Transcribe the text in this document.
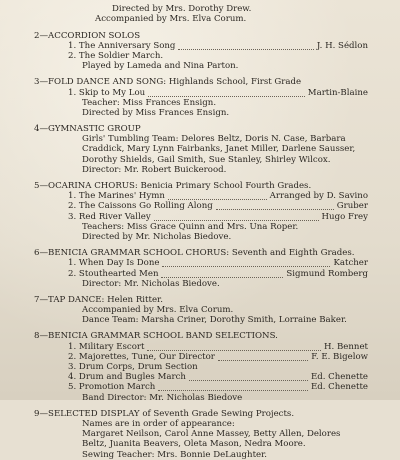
Directed by Mrs. Dorothy Drew.
Accompanied by Mrs. Elva Corum.
2—ACCORDION SOLOS
1. The Anniversary Song	J. H. Sédlon
2. The Soldier March.
Played by Lameda and Nina Parton.
3—FOLD DANCE AND SONG: Highlands School, First Grade
1. Skip to My Lou	Martin-Blaine
Teacher: Miss Frances Ensign.
Directed by Miss Frances Ensign.
4—GYMNASTIC GROUP
Girls' Tumbling Team: Delores Beltz, Doris N. Case, Barbara
Craddick, Mary Lynn Fairbanks, Janet Miller, Darlene Sausser,
Dorothy Shields, Gail Smith, Sue Stanley, Shirley Wilcox.
Director: Mr. Robert Buickerood.
5—OCARINA CHORUS: Benicia Primary School Fourth Grades.
1. The Marines' Hymn	Arranged by D. Savino
2. The Caissons Go Rolling Along	Gruber
3. Red River Valley	Hugo Frey
Teachers: Miss Grace Quinn and Mrs. Una Roper.
Directed by Mr. Nicholas Biedove.
6—BENICIA GRAMMAR SCHOOL CHORUS: Seventh and Eighth Grades.
1. When Day Is Done	Katcher
2. Stouthearted Men	Sigmund Romberg
Director: Mr. Nicholas Biedove.
7—TAP DANCE: Helen Ritter.
Accompanied by Mrs. Elva Corum.
Dance Team: Marsha Criner, Dorothy Smith, Lorraine Baker.
8—BENICIA GRAMMAR SCHOOL BAND SELECTIONS.
1. Military Escort	H. Bennet
2. Majorettes, Tune, Our Director	F. E. Bigelow
3. Drum Corps, Drum Section
4. Drum and Bugles March	Ed. Chenette
5. Promotion March	Ed. Chenette
Band Director: Mr. Nicholas Biedove
9—SELECTED DISPLAY of Seventh Grade Sewing Projects.
Names are in order of appearance:
Margaret Neilson, Carol Anne Massey, Betty Allen, Delores
Beltz, Juanita Beavers, Oleta Mason, Nedra Moore.
Sewing Teacher: Mrs. Bonnie DeLaughter.
